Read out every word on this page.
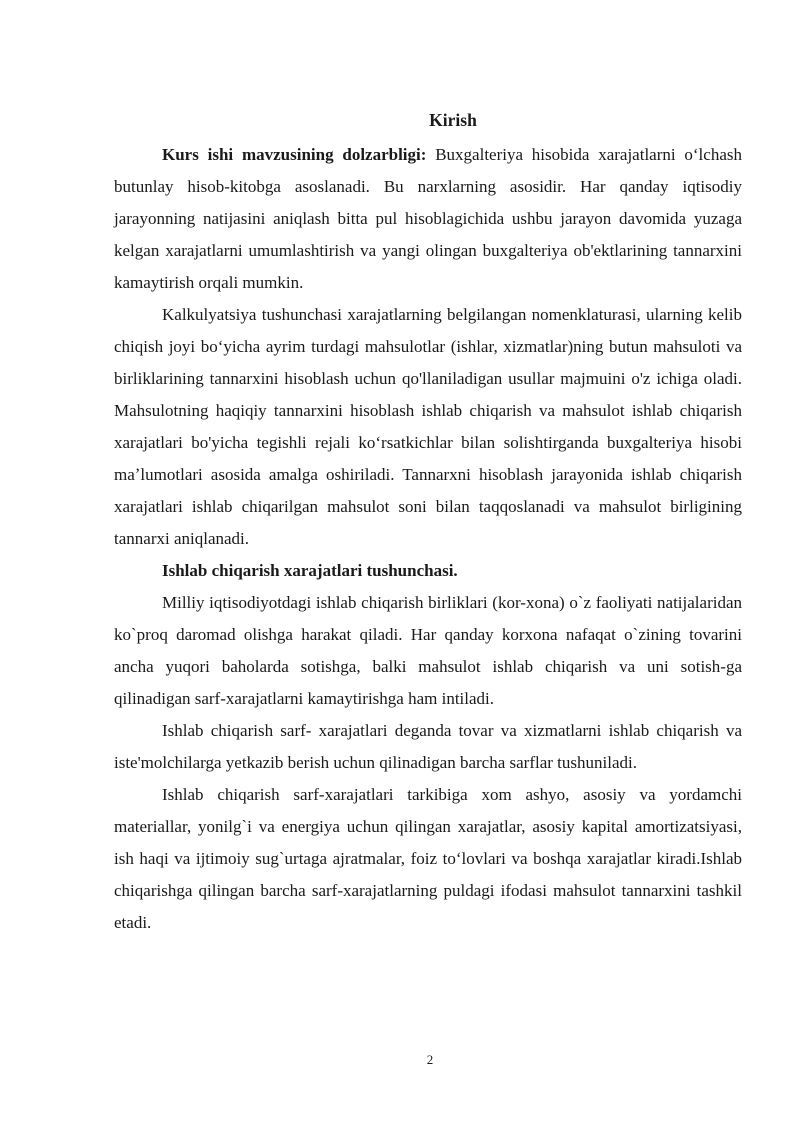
Kirish

Kurs ishi mavzusining dolzarbligi: Buxgalteriya hisobida xarajatlarni oʻlchash butunlay hisob-kitobga asoslanadi. Bu narxlarning asosidir. Har qanday iqtisodiy jarayonning natijasini aniqlash bitta pul hisoblagichida ushbu jarayon davomida yuzaga kelgan xarajatlarni umumlashtirish va yangi olingan buxgalteriya ob'ektlarining tannarxini kamaytirish orqali mumkin.

Kalkulyatsiya tushunchasi xarajatlarning belgilangan nomenklaturasi, ularning kelib chiqish joyi boʻyicha ayrim turdagi mahsulotlar (ishlar, xizmatlar)ning butun mahsuloti va birliklarining tannarxini hisoblash uchun qo'llaniladigan usullar majmuini o'z ichiga oladi. Mahsulotning haqiqiy tannarxini hisoblash ishlab chiqarish va mahsulot ishlab chiqarish xarajatlari bo'yicha tegishli rejali koʻrsatkichlar bilan solishtirganda buxgalteriya hisobi maʼlumotlari asosida amalga oshiriladi. Tannarxni hisoblash jarayonida ishlab chiqarish xarajatlari ishlab chiqarilgan mahsulot soni bilan taqqoslanadi va mahsulot birligining tannarxi aniqlanadi.

Ishlab chiqarish xarajatlari tushunchasi.

Milliy iqtisodiyotdagi ishlab chiqarish birliklari (kor-xona) o`z faoliyati natijalaridan ko`proq daromad olishga harakat qiladi. Har qanday korxona nafaqat o`zining tovarini ancha yuqori baholarda sotishga, balki mahsulot ishlab chiqarish va uni sotish-ga qilinadigan sarf-xarajatlarni kamaytirishga ham intiladi.

Ishlab chiqarish sarf- xarajatlari deganda tovar va xizmatlarni ishlab chiqarish va iste'molchilarga yetkazib berish uchun qilinadigan barcha sarflar tushuniladi.

Ishlab chiqarish sarf-xarajatlari tarkibiga xom ashyo, asosiy va yordamchi materiallar, yonilg`i va energiya uchun qilingan xarajatlar, asosiy kapital amortizatsiyasi, ish haqi va ijtimoiy sug`urtaga ajratmalar, foiz toʻlovlari va boshqa xarajatlar kiradi.Ishlab chiqarishga qilingan barcha sarf-xarajatlarning puldagi ifodasi mahsulot tannarxini tashkil etadi.

2
